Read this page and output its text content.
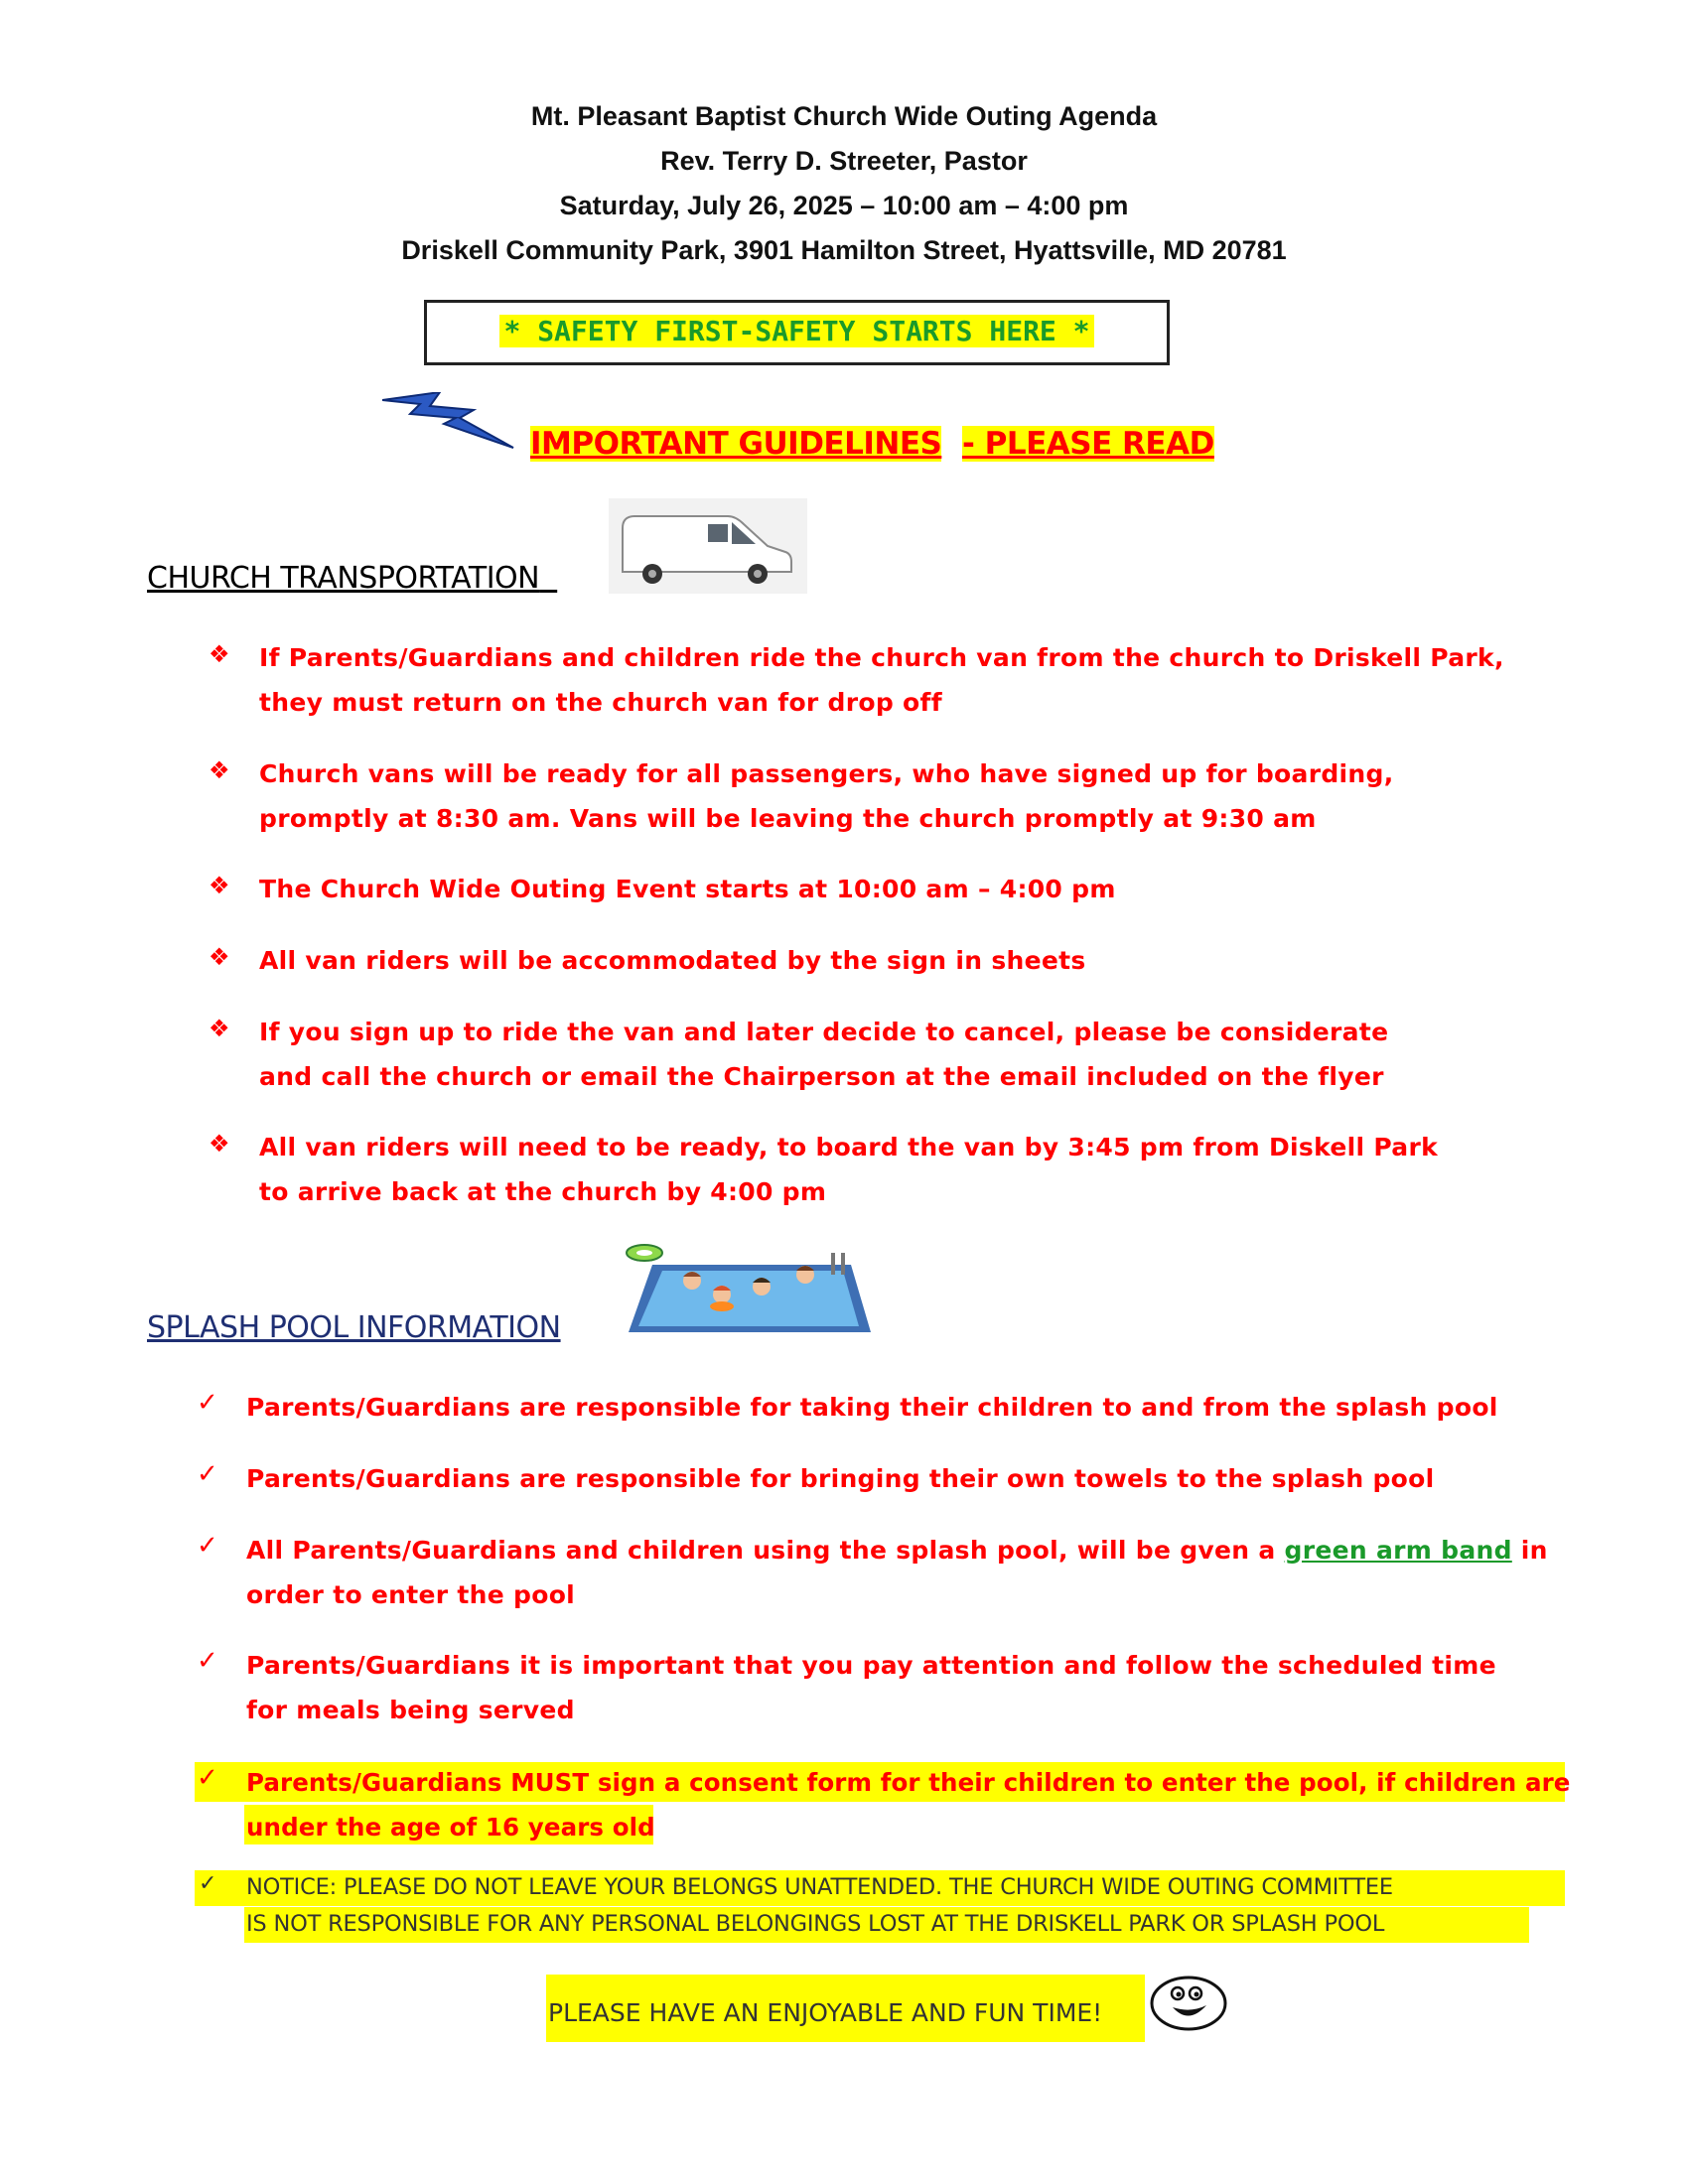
Mt. Pleasant Baptist Church Wide Outing Agenda
Rev. Terry D. Streeter, Pastor
Saturday, July 26, 2025 – 10:00 am – 4:00 pm
Driskell Community Park, 3901 Hamilton Street, Hyattsville, MD 20781
* SAFETY FIRST-SAFETY STARTS HERE *
IMPORTANT GUIDELINES - PLEASE READ
CHURCH TRANSPORTATION
❖ If Parents/Guardians and children ride the church van from the church to Driskell Park,
they must return on the church van for drop off
❖ Church vans will be ready for all passengers, who have signed up for boarding,
promptly at 8:30 am. Vans will be leaving the church promptly at 9:30 am
❖ The Church Wide Outing Event starts at 10:00 am – 4:00 pm
❖ All van riders will be accommodated by the sign in sheets
❖ If you sign up to ride the van and later decide to cancel, please be considerate
and call the church or email the Chairperson at the email included on the flyer
❖ All van riders will need to be ready, to board the van by 3:45 pm from Diskell Park
to arrive back at the church by 4:00 pm
SPLASH POOL INFORMATION
✓ Parents/Guardians are responsible for taking their children to and from the splash pool
✓ Parents/Guardians are responsible for bringing their own towels to the splash pool
✓ All Parents/Guardians and children using the splash pool, will be gven a green arm band in
order to enter the pool
✓ Parents/Guardians it is important that you pay attention and follow the scheduled time
for meals being served
✓ Parents/Guardians MUST sign a consent form for their children to enter the pool, if children are
under the age of 16 years old
✓ NOTICE: PLEASE DO NOT LEAVE YOUR BELONGS UNATTENDED. THE CHURCH WIDE OUTING COMMITTEE
IS NOT RESPONSIBLE FOR ANY PERSONAL BELONGINGS LOST AT THE DRISKELL PARK OR SPLASH POOL
PLEASE HAVE AN ENJOYABLE AND FUN TIME!
